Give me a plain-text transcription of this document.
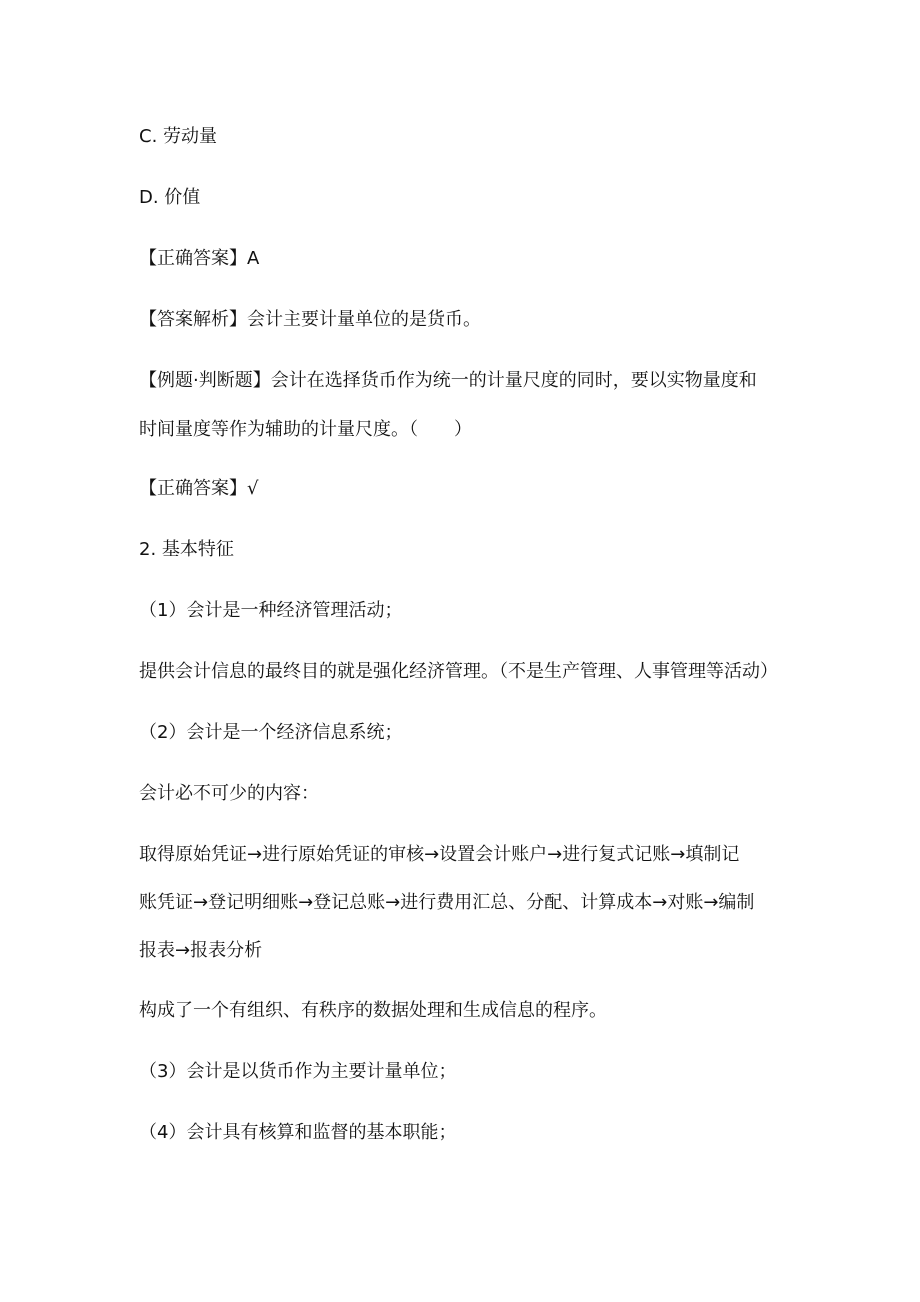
C. 劳动量
D. 价值
【正确答案】A
【答案解析】会计主要计量单位的是货币。
【例题·判断题】会计在选择货币作为统一的计量尺度的同时，要以实物量度和
时间量度等作为辅助的计量尺度。（　　）
【正确答案】√
2. 基本特征
（1）会计是一种经济管理活动；
提供会计信息的最终目的就是强化经济管理。（不是生产管理、人事管理等活动）
（2）会计是一个经济信息系统；
会计必不可少的内容：
取得原始凭证→进行原始凭证的审核→设置会计账户→进行复式记账→填制记
账凭证→登记明细账→登记总账→进行费用汇总、分配、计算成本→对账→编制
报表→报表分析
构成了一个有组织、有秩序的数据处理和生成信息的程序。
（3）会计是以货币作为主要计量单位；
（4）会计具有核算和监督的基本职能；
